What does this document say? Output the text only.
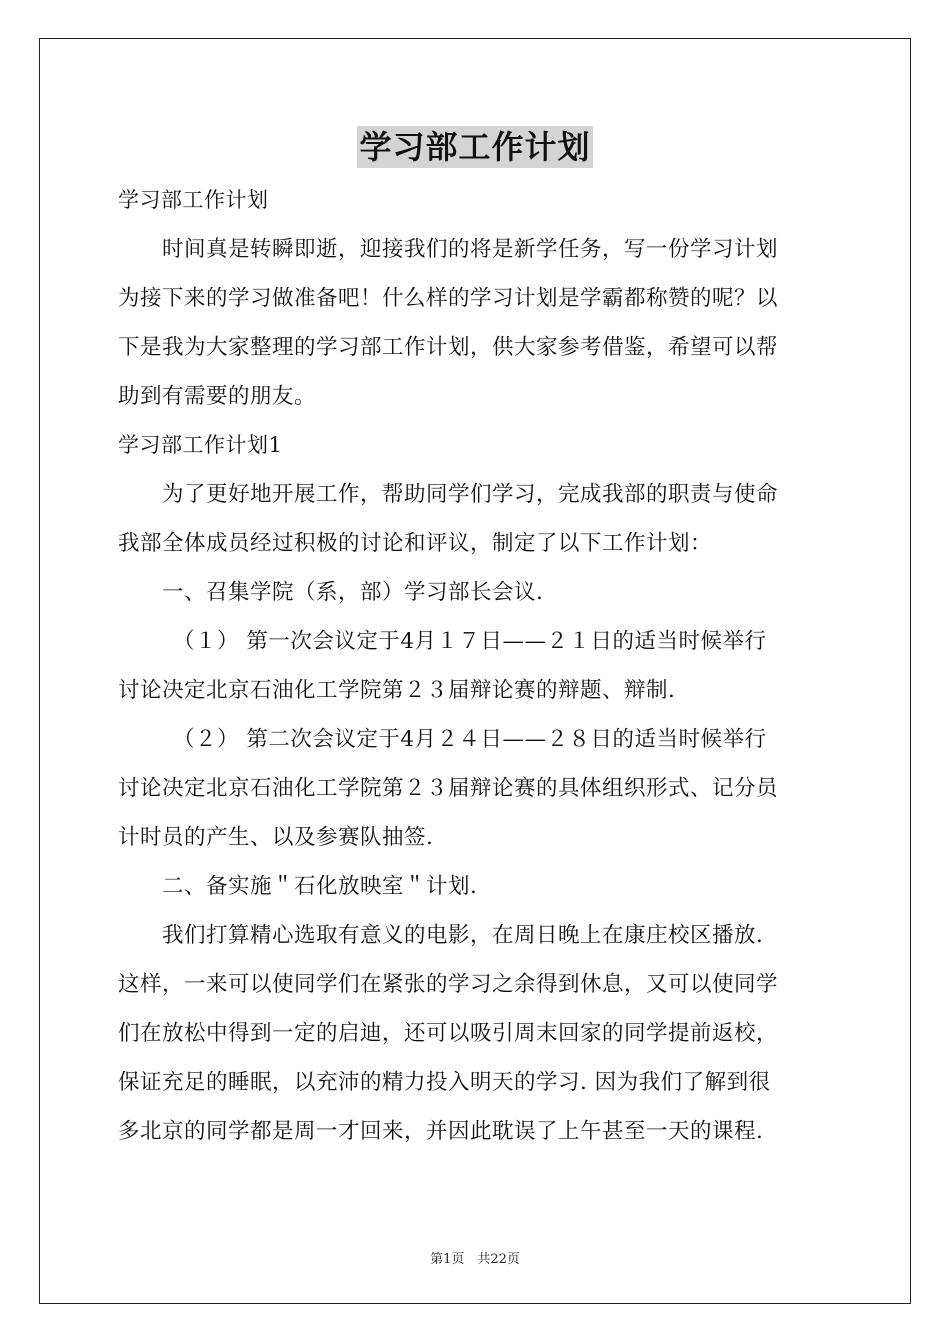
学习部工作计划
学习部工作计划
时间真是转瞬即逝，迎接我们的将是新学任务，写一份学习计划
为接下来的学习做准备吧！什么样的学习计划是学霸都称赞的呢？以
下是我为大家整理的学习部工作计划，供大家参考借鉴，希望可以帮
助到有需要的朋友。
学习部工作计划1
为了更好地开展工作，帮助同学们学习，完成我部的职责与使命
我部全体成员经过积极的讨论和评议，制定了以下工作计划：
一、召集学院（系，部）学习部长会议.
（１） 第一次会议定于4月１７日——２１日的适当时候举行
讨论决定北京石油化工学院第２３届辩论赛的辩题、辩制.
（２） 第二次会议定于4月２４日——２８日的适当时候举行
讨论决定北京石油化工学院第２３届辩论赛的具体组织形式、记分员
计时员的产生、以及参赛队抽签.
二、备实施＂石化放映室＂计划.
我们打算精心选取有意义的电影，在周日晚上在康庄校区播放.
这样，一来可以使同学们在紧张的学习之余得到休息，又可以使同学
们在放松中得到一定的启迪，还可以吸引周末回家的同学提前返校，
保证充足的睡眠，以充沛的精力投入明天的学习. 因为我们了解到很
多北京的同学都是周一才回来，并因此耽误了上午甚至一天的课程.
第1页　共22页
